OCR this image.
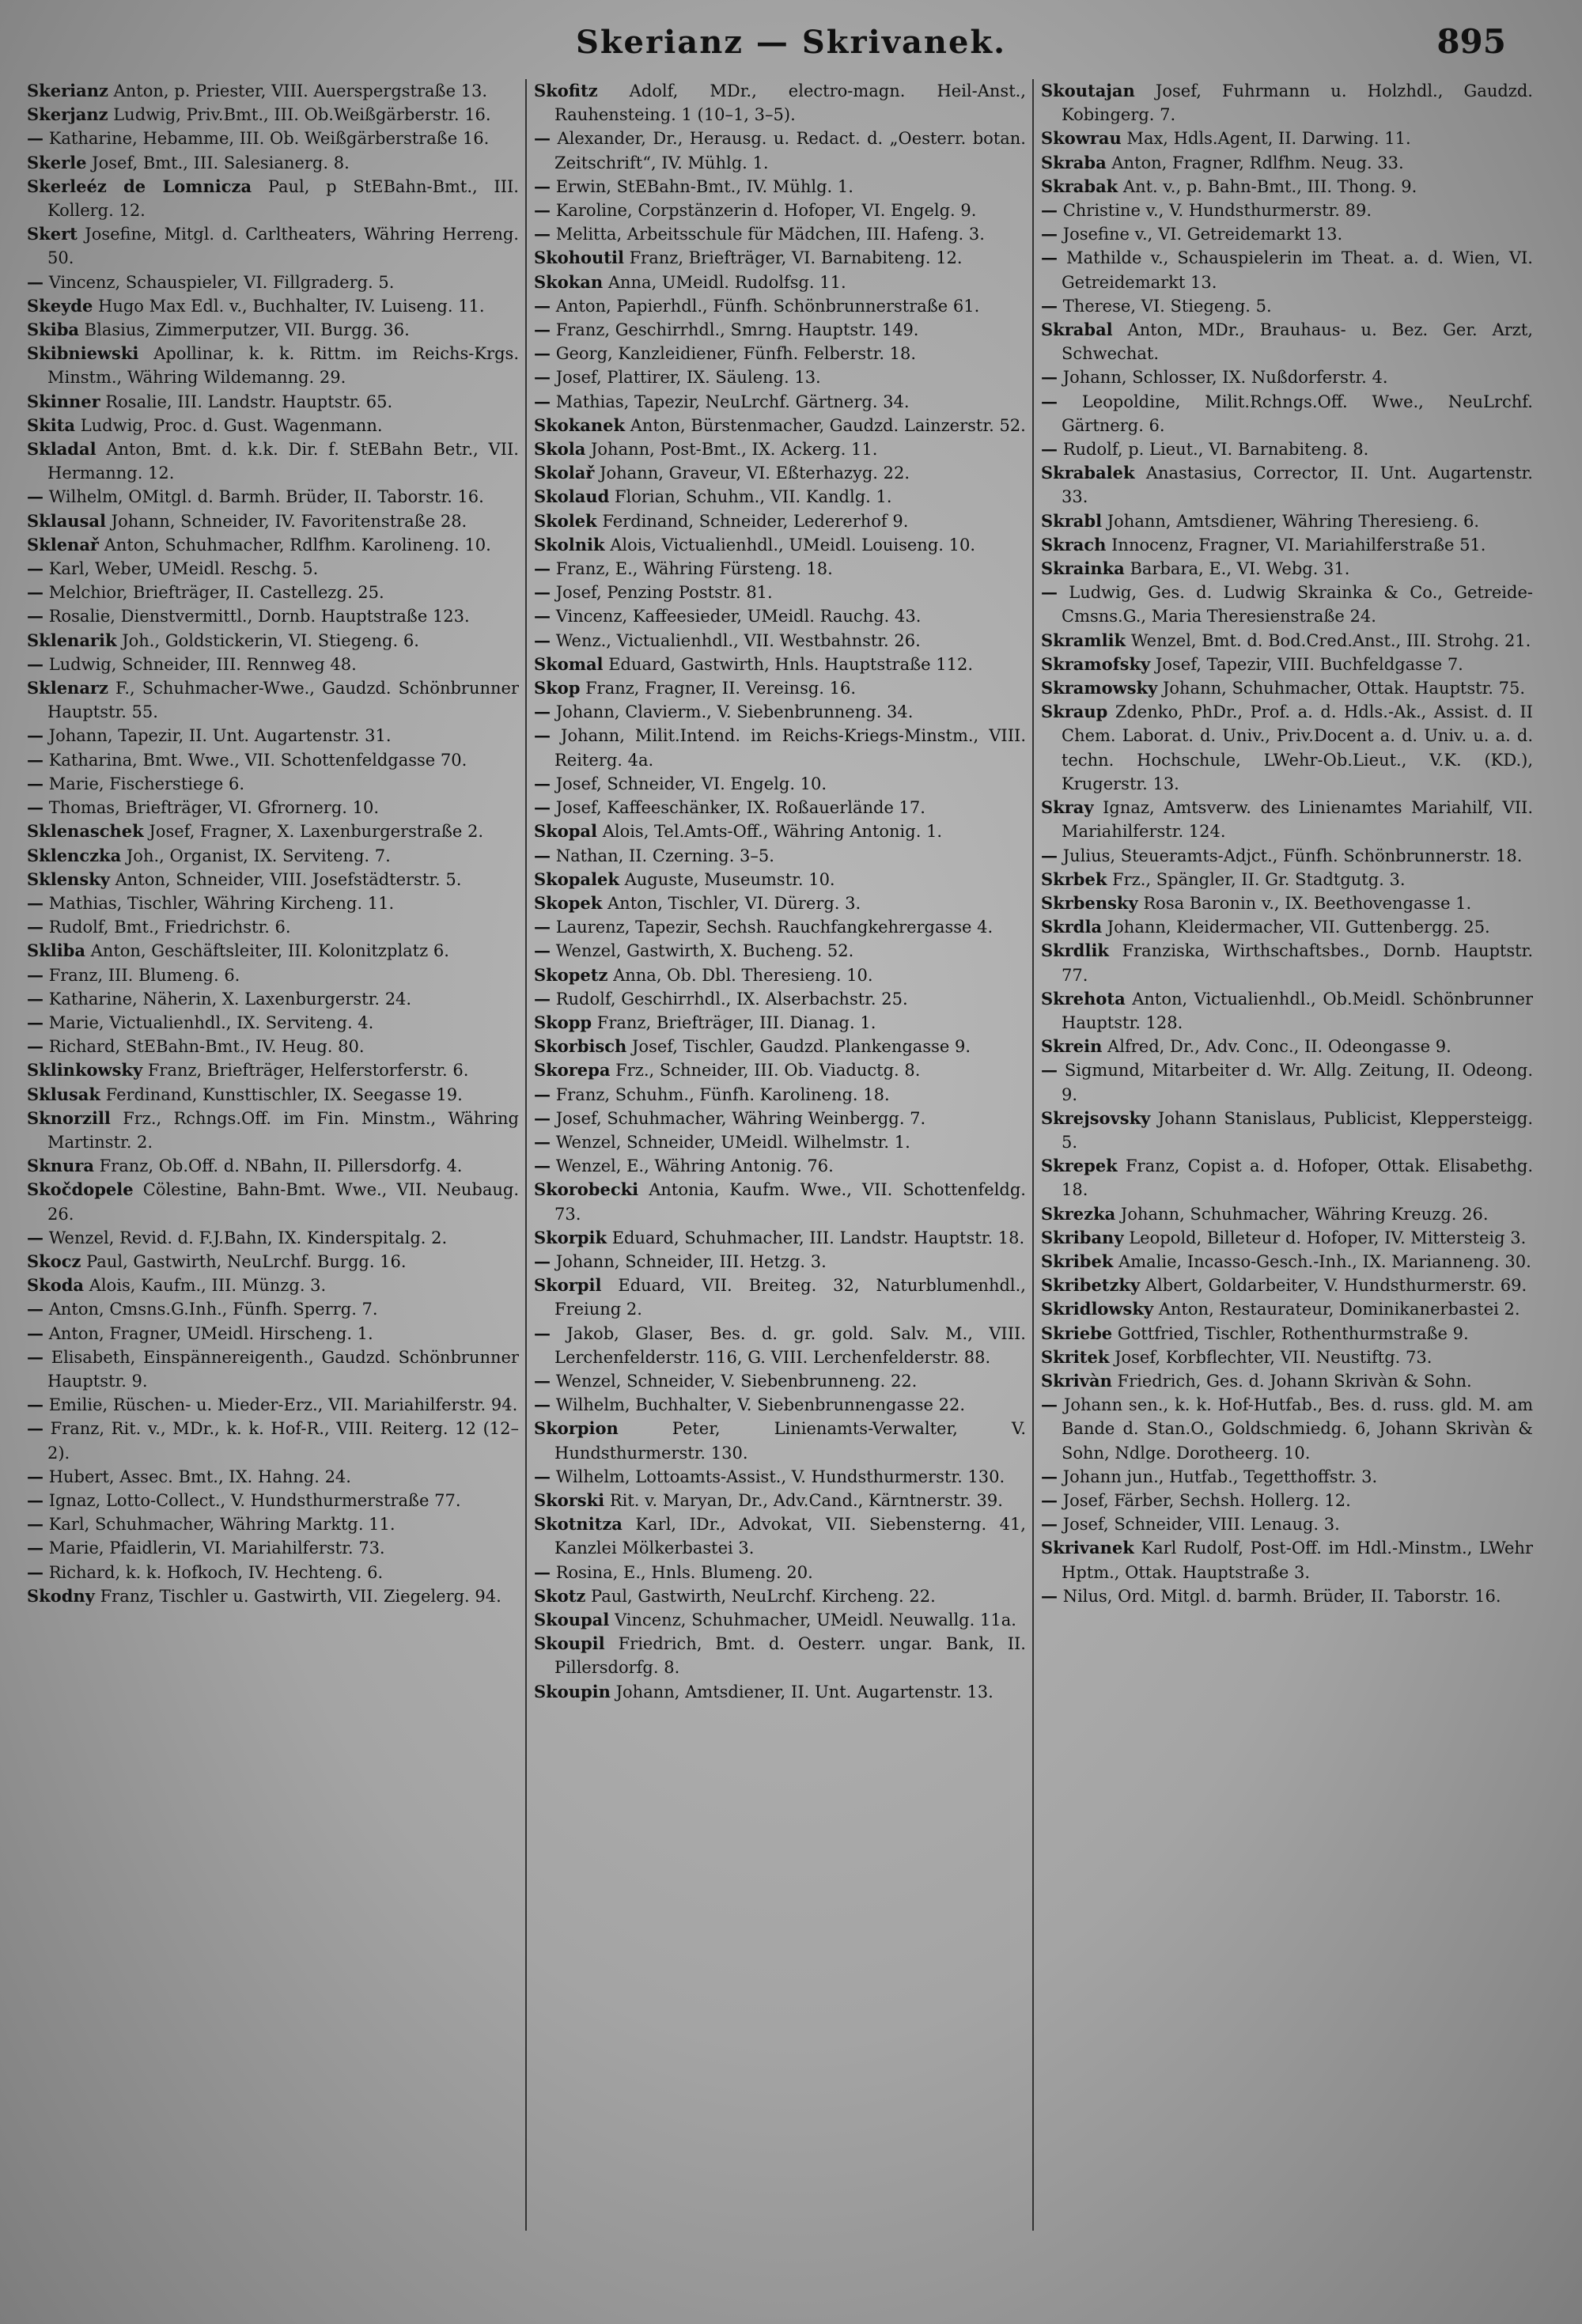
Skerianz — Skrivanek.	895

Skerianz Anton, p. Priester, VIII. Auerspergstraße 13.

Skerjanz Ludwig, Priv.Bmt., III. Ob.Weißgärberstr. 16.

— Katharine, Hebamme, III. Ob. Weißgärberstraße 16.

Skerle Josef, Bmt., III. Salesianerg. 8.

Skerleéz de Lomnicza Paul, p StEBahn-Bmt., III. Kollerg. 12.

Skert Josefine, Mitgl. d. Carltheaters, Währing Herreng. 50.

— Vincenz, Schauspieler, VI. Fillgraderg. 5.

Skeyde Hugo Max Edl. v., Buchhalter, IV. Luiseng. 11.

Skiba Blasius, Zimmerputzer, VII. Burgg. 36.

Skibniewski Apollinar, k. k. Rittm. im Reichs-Krgs. Minstm., Währing Wildemanng. 29.

Skinner Rosalie, III. Landstr. Hauptstr. 65.

Skita Ludwig, Proc. d. Gust. Wagenmann.

Skladal Anton, Bmt. d. k.k. Dir. f. StEBahn Betr., VII. Hermanng. 12.

— Wilhelm, OMitgl. d. Barmh. Brüder, II. Taborstr. 16.

Sklausal Johann, Schneider, IV. Favoritenstraße 28.

Sklenař Anton, Schuhmacher, Rdlfhm. Karolineng. 10.

— Karl, Weber, UMeidl. Reschg. 5.

— Melchior, Briefträger, II. Castellezg. 25.

— Rosalie, Dienstvermittl., Dornb. Hauptstraße 123.

Sklenarik Joh., Goldstickerin, VI. Stiegeng. 6.

— Ludwig, Schneider, III. Rennweg 48.

Sklenarz F., Schuhmacher-Wwe., Gaudzd. Schönbrunner Hauptstr. 55.

— Johann, Tapezir, II. Unt. Augartenstr. 31.

— Katharina, Bmt. Wwe., VII. Schottenfeldgasse 70.

— Marie, Fischerstiege 6.

— Thomas, Briefträger, VI. Gfrornerg. 10.

Sklenaschek Josef, Fragner, X. Laxenburgerstraße 2.

Sklenczka Joh., Organist, IX. Serviteng. 7.

Sklensky Anton, Schneider, VIII. Josefstädterstr. 5.

— Mathias, Tischler, Währing Kircheng. 11.

— Rudolf, Bmt., Friedrichstr. 6.

Skliba Anton, Geschäftsleiter, III. Kolonitzplatz 6.

— Franz, III. Blumeng. 6.

— Katharine, Näherin, X. Laxenburgerstr. 24.

— Marie, Victualienhdl., IX. Serviteng. 4.

— Richard, StEBahn-Bmt., IV. Heug. 80.

Sklinkowsky Franz, Briefträger, Helferstorferstr. 6.

Sklusak Ferdinand, Kunsttischler, IX. Seegasse 19.

Sknorzill Frz., Rchngs.Off. im Fin. Minstm., Währing Martinstr. 2.

Sknura Franz, Ob.Off. d. NBahn, II. Pillersdorfg. 4.

Skočdopele Cölestine, Bahn-Bmt. Wwe., VII. Neubaug. 26.

— Wenzel, Revid. d. F.J.Bahn, IX. Kinderspitalg. 2.

Skocz Paul, Gastwirth, NeuLrchf. Burgg. 16.

Skoda Alois, Kaufm., III. Münzg. 3.

— Anton, Cmsns.G.Inh., Fünfh. Sperrg. 7.

— Anton, Fragner, UMeidl. Hirscheng. 1.

— Elisabeth, Einspännereigenth., Gaudzd. Schönbrunner Hauptstr. 9.

— Emilie, Rüschen- u. Mieder-Erz., VII. Mariahilferstr. 94.

— Franz, Rit. v., MDr., k. k. Hof-R., VIII. Reiterg. 12 (12–2).

— Hubert, Assec. Bmt., IX. Hahng. 24.

— Ignaz, Lotto-Collect., V. Hundsthurmerstraße 77.

— Karl, Schuhmacher, Währing Marktg. 11.

— Marie, Pfaidlerin, VI. Mariahilferstr. 73.

— Richard, k. k. Hofkoch, IV. Hechteng. 6.

Skodny Franz, Tischler u. Gastwirth, VII. Ziegelerg. 94.

Skofitz Adolf, MDr., electro-magn. Heil-Anst., Rauhensteing. 1 (10–1, 3–5).

— Alexander, Dr., Herausg. u. Redact. d. „Oesterr. botan. Zeitschrift“, IV. Mühlg. 1.

— Erwin, StEBahn-Bmt., IV. Mühlg. 1.

— Karoline, Corpstänzerin d. Hofoper, VI. Engelg. 9.

— Melitta, Arbeitsschule für Mädchen, III. Hafeng. 3.

Skohoutil Franz, Briefträger, VI. Barnabiteng. 12.

Skokan Anna, UMeidl. Rudolfsg. 11.

— Anton, Papierhdl., Fünfh. Schönbrunnerstraße 61.

— Franz, Geschirrhdl., Smrng. Hauptstr. 149.

— Georg, Kanzleidiener, Fünfh. Felberstr. 18.

— Josef, Plattirer, IX. Säuleng. 13.

— Mathias, Tapezir, NeuLrchf. Gärtnerg. 34.

Skokanek Anton, Bürstenmacher, Gaudzd. Lainzerstr. 52.

Skola Johann, Post-Bmt., IX. Ackerg. 11.

Skolař Johann, Graveur, VI. Eßterhazyg. 22.

Skolaud Florian, Schuhm., VII. Kandlg. 1.

Skolek Ferdinand, Schneider, Ledererhof 9.

Skolnik Alois, Victualienhdl., UMeidl. Louiseng. 10.

— Franz, E., Währing Fürsteng. 18.

— Josef, Penzing Poststr. 81.

— Vincenz, Kaffeesieder, UMeidl. Rauchg. 43.

— Wenz., Victualienhdl., VII. Westbahnstr. 26.

Skomal Eduard, Gastwirth, Hnls. Hauptstraße 112.

Skop Franz, Fragner, II. Vereinsg. 16.

— Johann, Clavierm., V. Siebenbrunneng. 34.

— Johann, Milit.Intend. im Reichs-Kriegs-Minstm., VIII. Reiterg. 4a.

— Josef, Schneider, VI. Engelg. 10.

— Josef, Kaffeeschänker, IX. Roßauerlände 17.

Skopal Alois, Tel.Amts-Off., Währing Antonig. 1.

— Nathan, II. Czerning. 3–5.

Skopalek Auguste, Museumstr. 10.

Skopek Anton, Tischler, VI. Dürerg. 3.

— Laurenz, Tapezir, Sechsh. Rauchfangkehrergasse 4.

— Wenzel, Gastwirth, X. Bucheng. 52.

Skopetz Anna, Ob. Dbl. Theresieng. 10.

— Rudolf, Geschirrhdl., IX. Alserbachstr. 25.

Skopp Franz, Briefträger, III. Dianag. 1.

Skorbisch Josef, Tischler, Gaudzd. Plankengasse 9.

Skorepa Frz., Schneider, III. Ob. Viaductg. 8.

— Franz, Schuhm., Fünfh. Karolineng. 18.

— Josef, Schuhmacher, Währing Weinbergg. 7.

— Wenzel, Schneider, UMeidl. Wilhelmstr. 1.

— Wenzel, E., Währing Antonig. 76.

Skorobecki Antonia, Kaufm. Wwe., VII. Schottenfeldg. 73.

Skorpik Eduard, Schuhmacher, III. Landstr. Hauptstr. 18.

— Johann, Schneider, III. Hetzg. 3.

Skorpil Eduard, VII. Breiteg. 32, Naturblumenhdl., Freiung 2.

— Jakob, Glaser, Bes. d. gr. gold. Salv. M., VIII. Lerchenfelderstr. 116, G. VIII. Lerchenfelderstr. 88.

— Wenzel, Schneider, V. Siebenbrunneng. 22.

— Wilhelm, Buchhalter, V. Siebenbrunnengasse 22.

Skorpion	Peter, Linienamts-Verwalter, V. Hundsthurmerstr. 130.

— Wilhelm, Lottoamts-Assist., V. Hundsthurmerstr. 130.

Skorski Rit. v. Maryan, Dr., Adv.Cand., Kärntnerstr. 39.

Skotnitza Karl, IDr., Advokat, VII. Siebensterng. 41, Kanzlei Mölkerbastei 3.

— Rosina, E., Hnls. Blumeng. 20.

Skotz Paul, Gastwirth, NeuLrchf. Kircheng. 22.

Skoupal Vincenz, Schuhmacher, UMeidl. Neuwallg. 11a.

Skoupil Friedrich, Bmt. d. Oesterr. ungar. Bank, II. Pillersdorfg. 8.

Skoupin Johann, Amtsdiener, II. Unt. Augartenstr. 13.

Skoutajan Josef, Fuhrmann u. Holzhdl., Gaudzd. Kobingerg. 7.

Skowrau Max, Hdls.Agent, II. Darwing. 11.

Skraba Anton, Fragner, Rdlfhm. Neug. 33.

Skrabak Ant. v., p. Bahn-Bmt., III. Thong. 9.

— Christine v., V. Hundsthurmerstr. 89.

— Josefine v., VI. Getreidemarkt 13.

— Mathilde v., Schauspielerin im Theat. a. d. Wien, VI. Getreidemarkt 13.

— Therese, VI. Stiegeng. 5.

Skrabal Anton, MDr., Brauhaus- u. Bez. Ger. Arzt, Schwechat.

— Johann, Schlosser, IX. Nußdorferstr. 4.

— Leopoldine, Milit.Rchngs.Off. Wwe., NeuLrchf. Gärtnerg. 6.

— Rudolf, p. Lieut., VI. Barnabiteng. 8.

Skrabalek Anastasius, Corrector, II. Unt. Augartenstr. 33.

Skrabl Johann, Amtsdiener, Währing Theresieng. 6.

Skrach Innocenz, Fragner, VI. Mariahilferstraße 51.

Skrainka Barbara, E., VI. Webg. 31.

— Ludwig, Ges. d. Ludwig Skrainka & Co., Getreide-Cmsns.G., Maria Theresienstraße 24.

Skramlik Wenzel, Bmt. d. Bod.Cred.Anst., III. Strohg. 21.

Skramofsky Josef, Tapezir, VIII. Buchfeldgasse 7.

Skramowsky Johann, Schuhmacher, Ottak. Hauptstr. 75.

Skraup Zdenko, PhDr., Prof. a. d. Hdls.-Ak., Assist. d. II Chem. Laborat. d. Univ., Priv.Docent a. d. Univ. u. a. d. techn. Hochschule, LWehr-Ob.Lieut., V.K. (KD.), Krugerstr. 13.

Skray Ignaz, Amtsverw. des Linienamtes Mariahilf, VII. Mariahilferstr. 124.

— Julius, Steueramts-Adjct., Fünfh. Schönbrunnerstr. 18.

Skrbek Frz., Spängler, II. Gr. Stadtgutg. 3.

Skrbensky Rosa Baronin v., IX. Beethovengasse 1.

Skrdla Johann, Kleidermacher, VII. Guttenbergg. 25.

Skrdlik Franziska, Wirthschaftsbes., Dornb. Hauptstr. 77.

Skrehota Anton, Victualienhdl., Ob.Meidl. Schönbrunner Hauptstr. 128.

Skrein Alfred, Dr., Adv. Conc., II. Odeongasse 9.

— Sigmund, Mitarbeiter d. Wr. Allg. Zeitung, II. Odeong. 9.

Skrejsovsky Johann Stanislaus, Publicist, Kleppersteigg. 5.

Skrepek Franz, Copist a. d. Hofoper, Ottak. Elisabethg. 18.

Skrezka Johann, Schuhmacher, Währing Kreuzg. 26.

Skribany Leopold, Billeteur d. Hofoper, IV. Mittersteig 3.

Skribek Amalie, Incasso-Gesch.-Inh., IX. Marianneng. 30.

Skribetzky Albert, Goldarbeiter, V. Hundsthurmerstr. 69.

Skridlowsky Anton, Restaurateur, Dominikanerbastei 2.

Skriebe Gottfried, Tischler, Rothenthurmstraße 9.

Skritek Josef, Korbflechter, VII. Neustiftg. 73.

Skrivàn Friedrich, Ges. d. Johann Skrivàn & Sohn.

— Johann sen., k. k. Hof-Hutfab., Bes. d. russ. gld. M. am Bande d. Stan.O., Goldschmiedg. 6, Johann Skrivàn & Sohn, Ndlge. Dorotheerg. 10.

— Johann jun., Hutfab., Tegetthoffstr. 3.

— Josef, Färber, Sechsh. Hollerg. 12.

— Josef, Schneider, VIII. Lenaug. 3.

Skrivanek Karl Rudolf, Post-Off. im Hdl.-Minstm., LWehr Hptm., Ottak. Hauptstraße 3.

— Nilus, Ord. Mitgl. d. barmh. Brüder, II. Taborstr. 16.
